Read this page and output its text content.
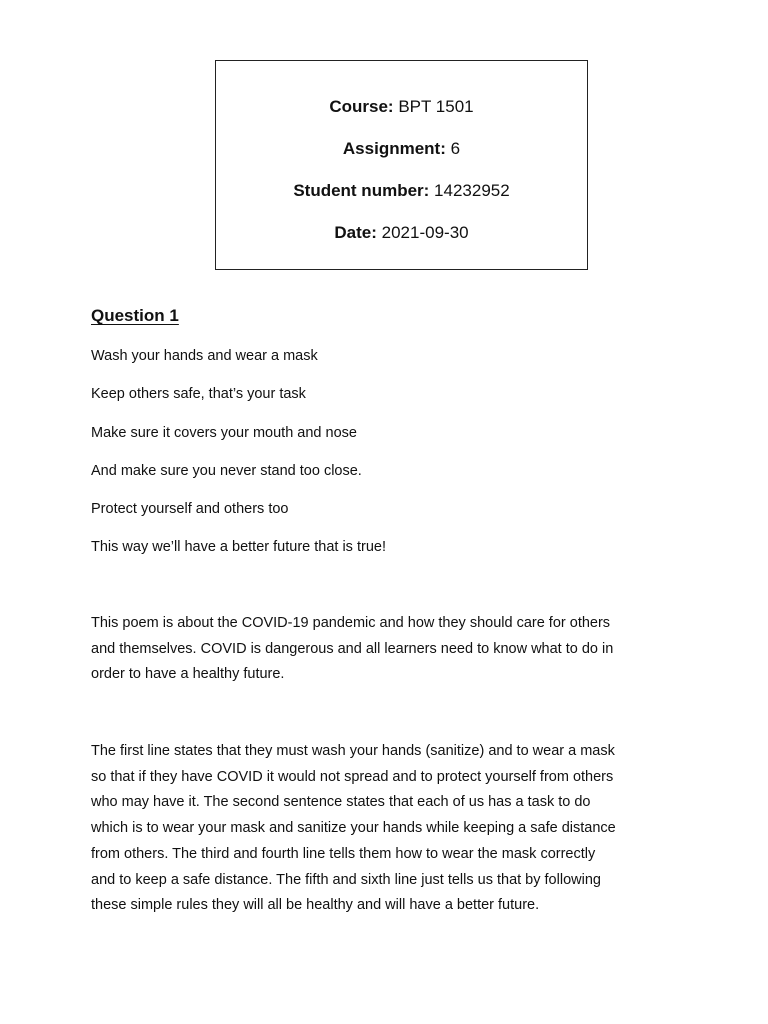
Course: BPT 1501
Assignment: 6
Student number: 14232952
Date: 2021-09-30
Question 1
Wash your hands and wear a mask
Keep others safe, that’s your task
Make sure it covers your mouth and nose
And make sure you never stand too close.
Protect yourself and others too
This way we’ll have a better future that is true!
This poem is about the COVID-19 pandemic and how they should care for others
and themselves. COVID is dangerous and all learners need to know what to do in
order to have a healthy future.
The first line states that they must wash your hands (sanitize) and to wear a mask
so that if they have COVID it would not spread and to protect yourself from others
who may have it. The second sentence states that each of us has a task to do
which is to wear your mask and sanitize your hands while keeping a safe distance
from others. The third and fourth line tells them how to wear the mask correctly
and to keep a safe distance. The fifth and sixth line just tells us that by following
these simple rules they will all be healthy and will have a better future.
